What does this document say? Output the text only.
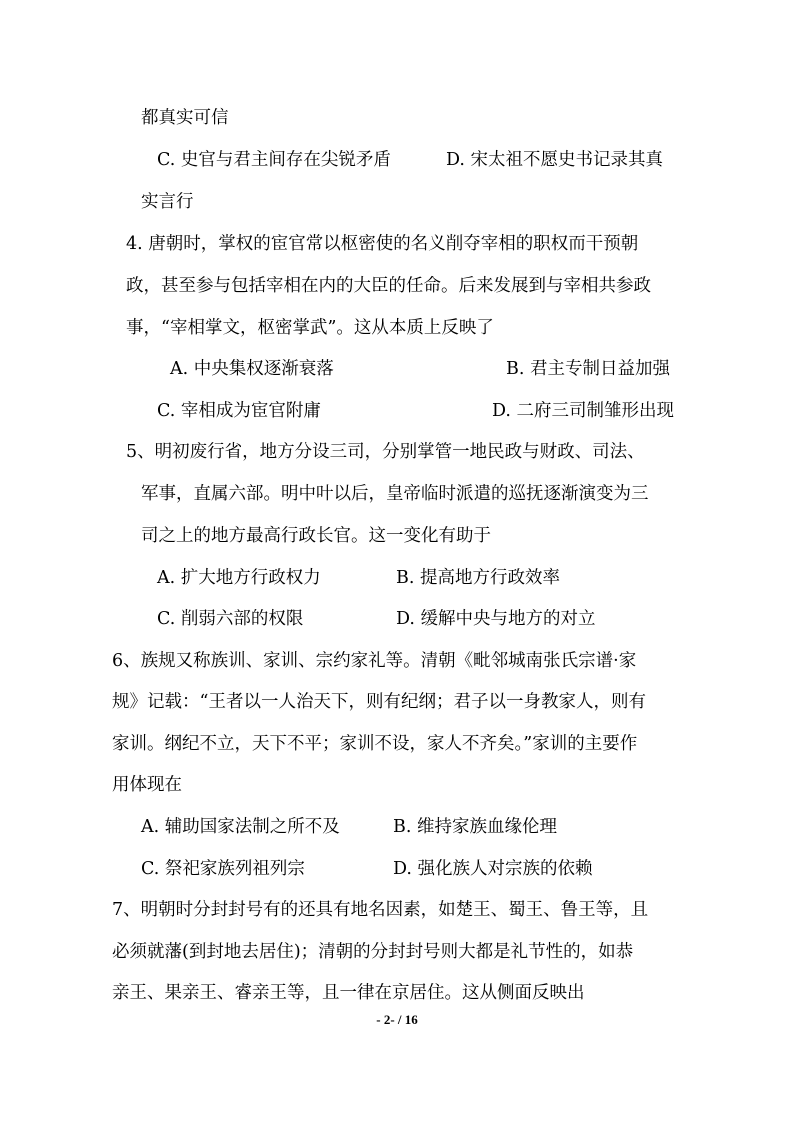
都真实可信
C. 史官与君主间存在尖锐矛盾	D. 宋太祖不愿史书记录其真
实言行
4. 唐朝时，掌权的宦官常以枢密使的名义削夺宰相的职权而干预朝
政，甚至参与包括宰相在内的大臣的任命。后来发展到与宰相共参政
事，“宰相掌文，枢密掌武”。这从本质上反映了
A. 中央集权逐渐衰落	B. 君主专制日益加强
C. 宰相成为宦官附庸	D. 二府三司制雏形出现
5、明初废行省，地方分设三司，分别掌管一地民政与财政、司法、
军事，直属六部。明中叶以后，皇帝临时派遣的巡抚逐渐演变为三
司之上的地方最高行政长官。这一变化有助于
A. 扩大地方行政权力	B. 提高地方行政效率
C. 削弱六部的权限	D. 缓解中央与地方的对立
6、族规又称族训、家训、宗约家礼等。清朝《毗邻城南张氏宗谱·家
规》记载：“王者以一人治天下，则有纪纲；君子以一身教家人，则有
家训。纲纪不立，天下不平；家训不设，家人不齐矣。”家训的主要作
用体现在
A. 辅助国家法制之所不及	B. 维持家族血缘伦理
C. 祭祀家族列祖列宗	D. 强化族人对宗族的依赖
7、明朝时分封封号有的还具有地名因素，如楚王、蜀王、鲁王等，且
必须就藩(到封地去居住)；清朝的分封封号则大都是礼节性的，如恭
亲王、果亲王、睿亲王等，且一律在京居住。这从侧面反映出
- 2- / 16
